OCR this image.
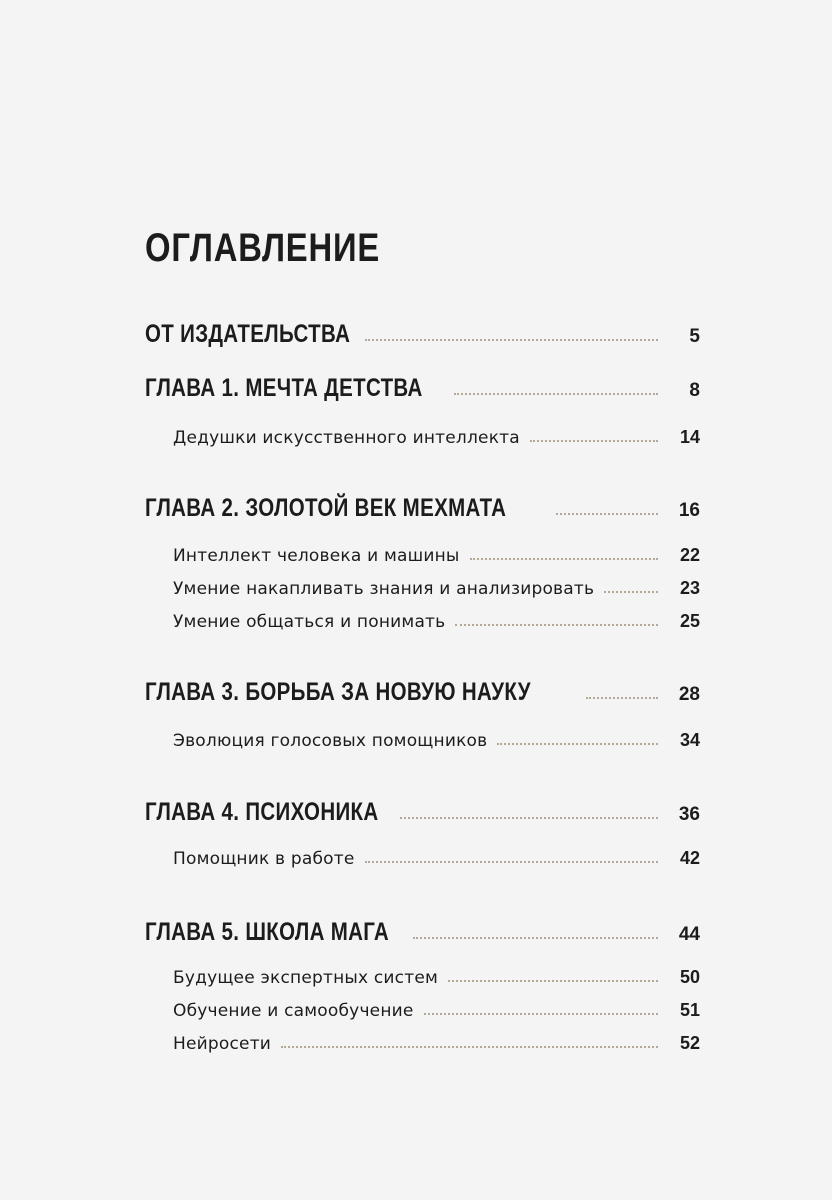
ОГЛАВЛЕНИЕ
ОТ ИЗДАТЕЛЬСТВА	5
ГЛАВА 1. МЕЧТА ДЕТСТВА	8
Дедушки искусственного интеллекта	14
ГЛАВА 2. ЗОЛОТОЙ ВЕК МЕХМАТА	16
Интеллект человека и машины	22
Умение накапливать знания и анализировать	23
Умение общаться и понимать	25
ГЛАВА 3. БОРЬБА ЗА НОВУЮ НАУКУ	28
Эволюция голосовых помощников	34
ГЛАВА 4. ПСИХОНИКА	36
Помощник в работе	42
ГЛАВА 5. ШКОЛА МАГА	44
Будущее экспертных систем	50
Обучение и самообучение	51
Нейросети	52
